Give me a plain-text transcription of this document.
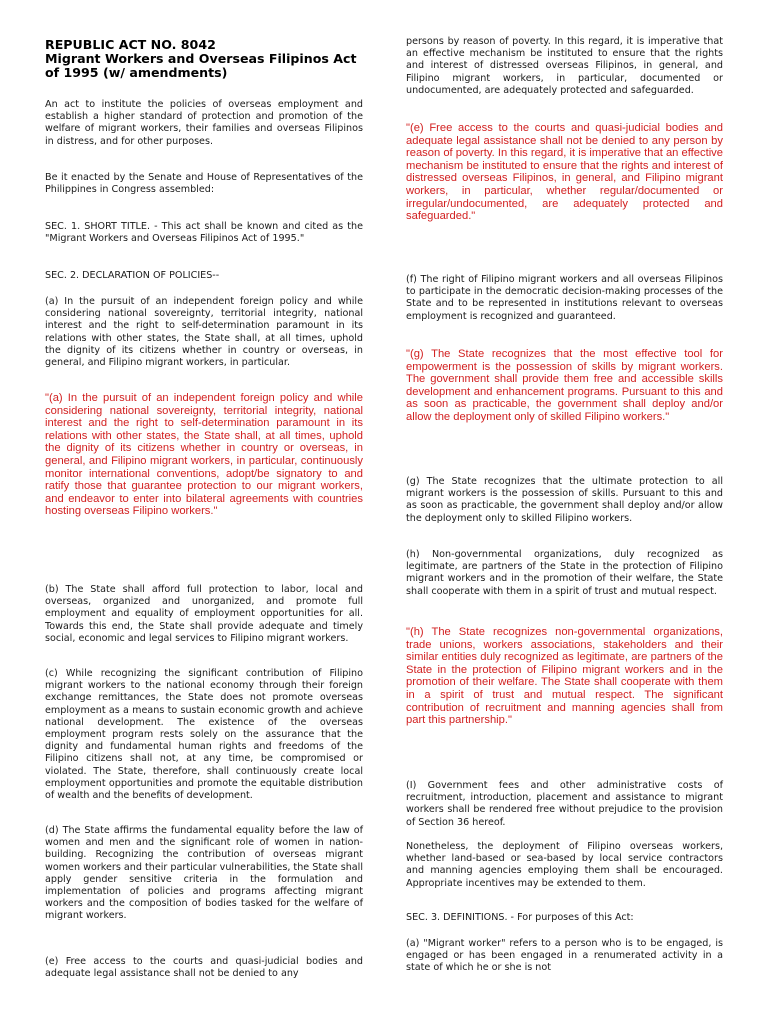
REPUBLIC ACT NO. 8042
Migrant Workers and Overseas Filipinos Act of 1995 (w/ amendments)

An act to institute the policies of overseas employment and establish a higher standard of protection and promotion of the welfare of migrant workers, their families and overseas Filipinos in distress, and for other purposes.

Be it enacted by the Senate and House of Representatives of the Philippines in Congress assembled:

SEC. 1. SHORT TITLE. - This act shall be known and cited as the "Migrant Workers and Overseas Filipinos Act of 1995."

SEC. 2. DECLARATION OF POLICIES--

(a) In the pursuit of an independent foreign policy and while considering national sovereignty, territorial integrity, national interest and the right to self-determination paramount in its relations with other states, the State shall, at all times, uphold the dignity of its citizens whether in country or overseas, in general, and Filipino migrant workers, in particular.

"(a) In the pursuit of an independent foreign policy and while considering national sovereignty, territorial integrity, national interest and the right to self-determination paramount in its relations with other states, the State shall, at all times, uphold the dignity of its citizens whether in country or overseas, in general, and Filipino migrant workers, in particular, continuously monitor international conventions, adopt/be signatory to and ratify those that guarantee protection to our migrant workers, and endeavor to enter into bilateral agreements with countries hosting overseas Filipino workers."

(b) The State shall afford full protection to labor, local and overseas, organized and unorganized, and promote full employment and equality of employment opportunities for all. Towards this end, the State shall provide adequate and timely social, economic and legal services to Filipino migrant workers.

(c) While recognizing the significant contribution of Filipino migrant workers to the national economy through their foreign exchange remittances, the State does not promote overseas employment as a means to sustain economic growth and achieve national development. The existence of the overseas employment program rests solely on the assurance that the dignity and fundamental human rights and freedoms of the Filipino citizens shall not, at any time, be compromised or violated. The State, therefore, shall continuously create local employment opportunities and promote the equitable distribution of wealth and the benefits of development.

(d) The State affirms the fundamental equality before the law of women and men and the significant role of women in nation-building. Recognizing the contribution of overseas migrant women workers and their particular vulnerabilities, the State shall apply gender sensitive criteria in the formulation and implementation of policies and programs affecting migrant workers and the composition of bodies tasked for the welfare of migrant workers.

(e) Free access to the courts and quasi-judicial bodies and adequate legal assistance shall not be denied to any

persons by reason of poverty. In this regard, it is imperative that an effective mechanism be instituted to ensure that the rights and interest of distressed overseas Filipinos, in general, and Filipino migrant workers, in particular, documented or undocumented, are adequately protected and safeguarded.

"(e) Free access to the courts and quasi-judicial bodies and adequate legal assistance shall not be denied to any person by reason of poverty. In this regard, it is imperative that an effective mechanism be instituted to ensure that the rights and interest of distressed overseas Filipinos, in general, and Filipino migrant workers, in particular, whether regular/documented or irregular/undocumented, are adequately protected and safeguarded."

(f) The right of Filipino migrant workers and all overseas Filipinos to participate in the democratic decision-making processes of the State and to be represented in institutions relevant to overseas employment is recognized and guaranteed.

"(g) The State recognizes that the most effective tool for empowerment is the possession of skills by migrant workers. The government shall provide them free and accessible skills development and enhancement programs. Pursuant to this and as soon as practicable, the government shall deploy and/or allow the deployment only of skilled Filipino workers."

(g) The State recognizes that the ultimate protection to all migrant workers is the possession of skills. Pursuant to this and as soon as practicable, the government shall deploy and/or allow the deployment only to skilled Filipino workers.

(h) Non-governmental organizations, duly recognized as legitimate, are partners of the State in the protection of Filipino migrant workers and in the promotion of their welfare, the State shall cooperate with them in a spirit of trust and mutual respect.

"(h) The State recognizes non-governmental organizations, trade unions, workers associations, stakeholders and their similar entities duly recognized as legitimate, are partners of the State in the protection of Filipino migrant workers and in the promotion of their welfare. The State shall cooperate with them in a spirit of trust and mutual respect. The significant contribution of recruitment and manning agencies shall from part this partnership."

(I) Government fees and other administrative costs of recruitment, introduction, placement and assistance to migrant workers shall be rendered free without prejudice to the provision of Section 36 hereof.

Nonetheless, the deployment of Filipino overseas workers, whether land-based or sea-based by local service contractors and manning agencies employing them shall be encouraged. Appropriate incentives may be extended to them.

SEC. 3. DEFINITIONS. - For purposes of this Act:

(a) "Migrant worker" refers to a person who is to be engaged, is engaged or has been engaged in a renumerated activity in a state of which he or she is not
